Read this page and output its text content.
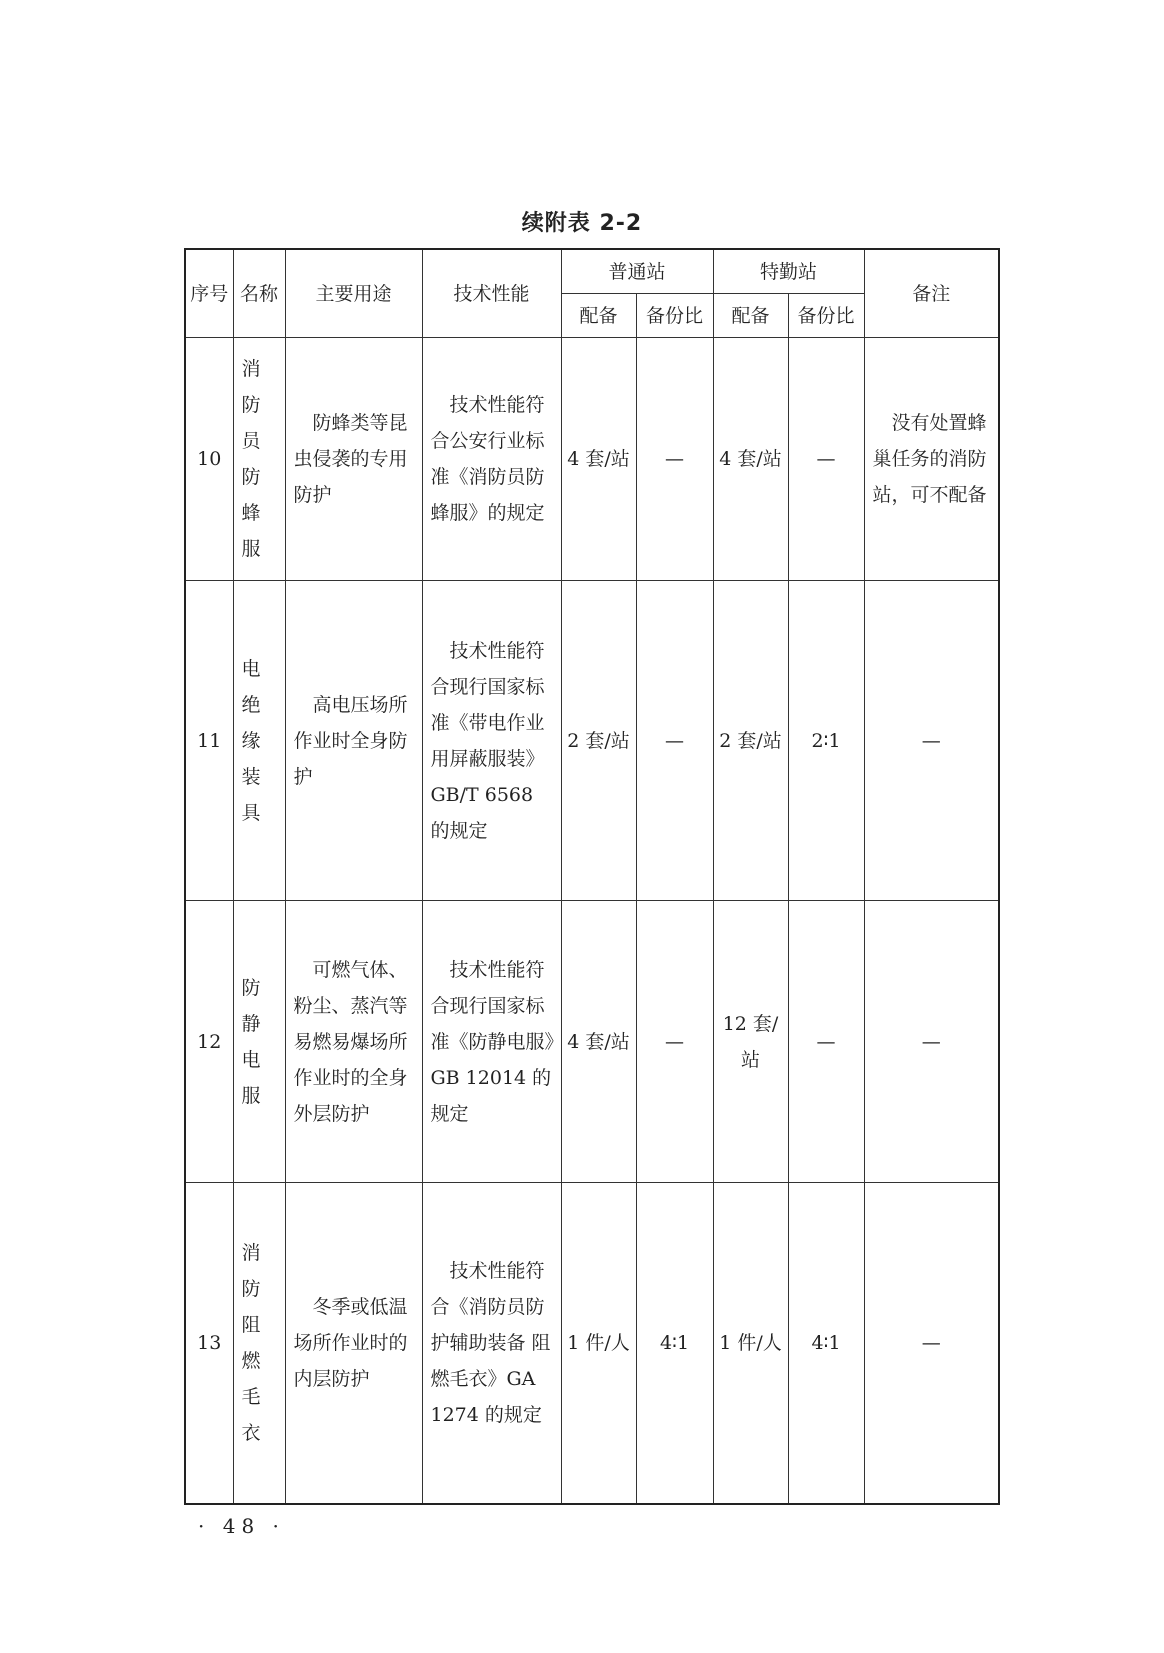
续附表 2-2
序号	名称	主要用途	技术性能	普通站		特勤站		备注
				配备	备份比	配备	备份比	
10	消防员防蜂服	防蜂类等昆虫侵袭的专用防护	技术性能符合公安行业标准《消防员防蜂服》的规定	4 套/站	—	4 套/站	—	没有处置蜂巢任务的消防站，可不配备
11	电绝缘装具	高电压场所作业时全身防护	技术性能符合现行国家标准《带电作业用屏蔽服装》GB/T 6568 的规定	2 套/站	—	2 套/站	2∶1	—
12	防静电服	可燃气体、粉尘、蒸汽等易燃易爆场所作业时的全身外层防护	技术性能符合现行国家标准《防静电服》GB 12014 的规定	4 套/站	—	12 套/站	—	—
13	消防阻燃毛衣	冬季或低温场所作业时的内层防护	技术性能符合《消防员防护辅助装备 阻燃毛衣》GA 1274 的规定	1 件/人	4∶1	1 件/人	4∶1	—
· 48 ·
